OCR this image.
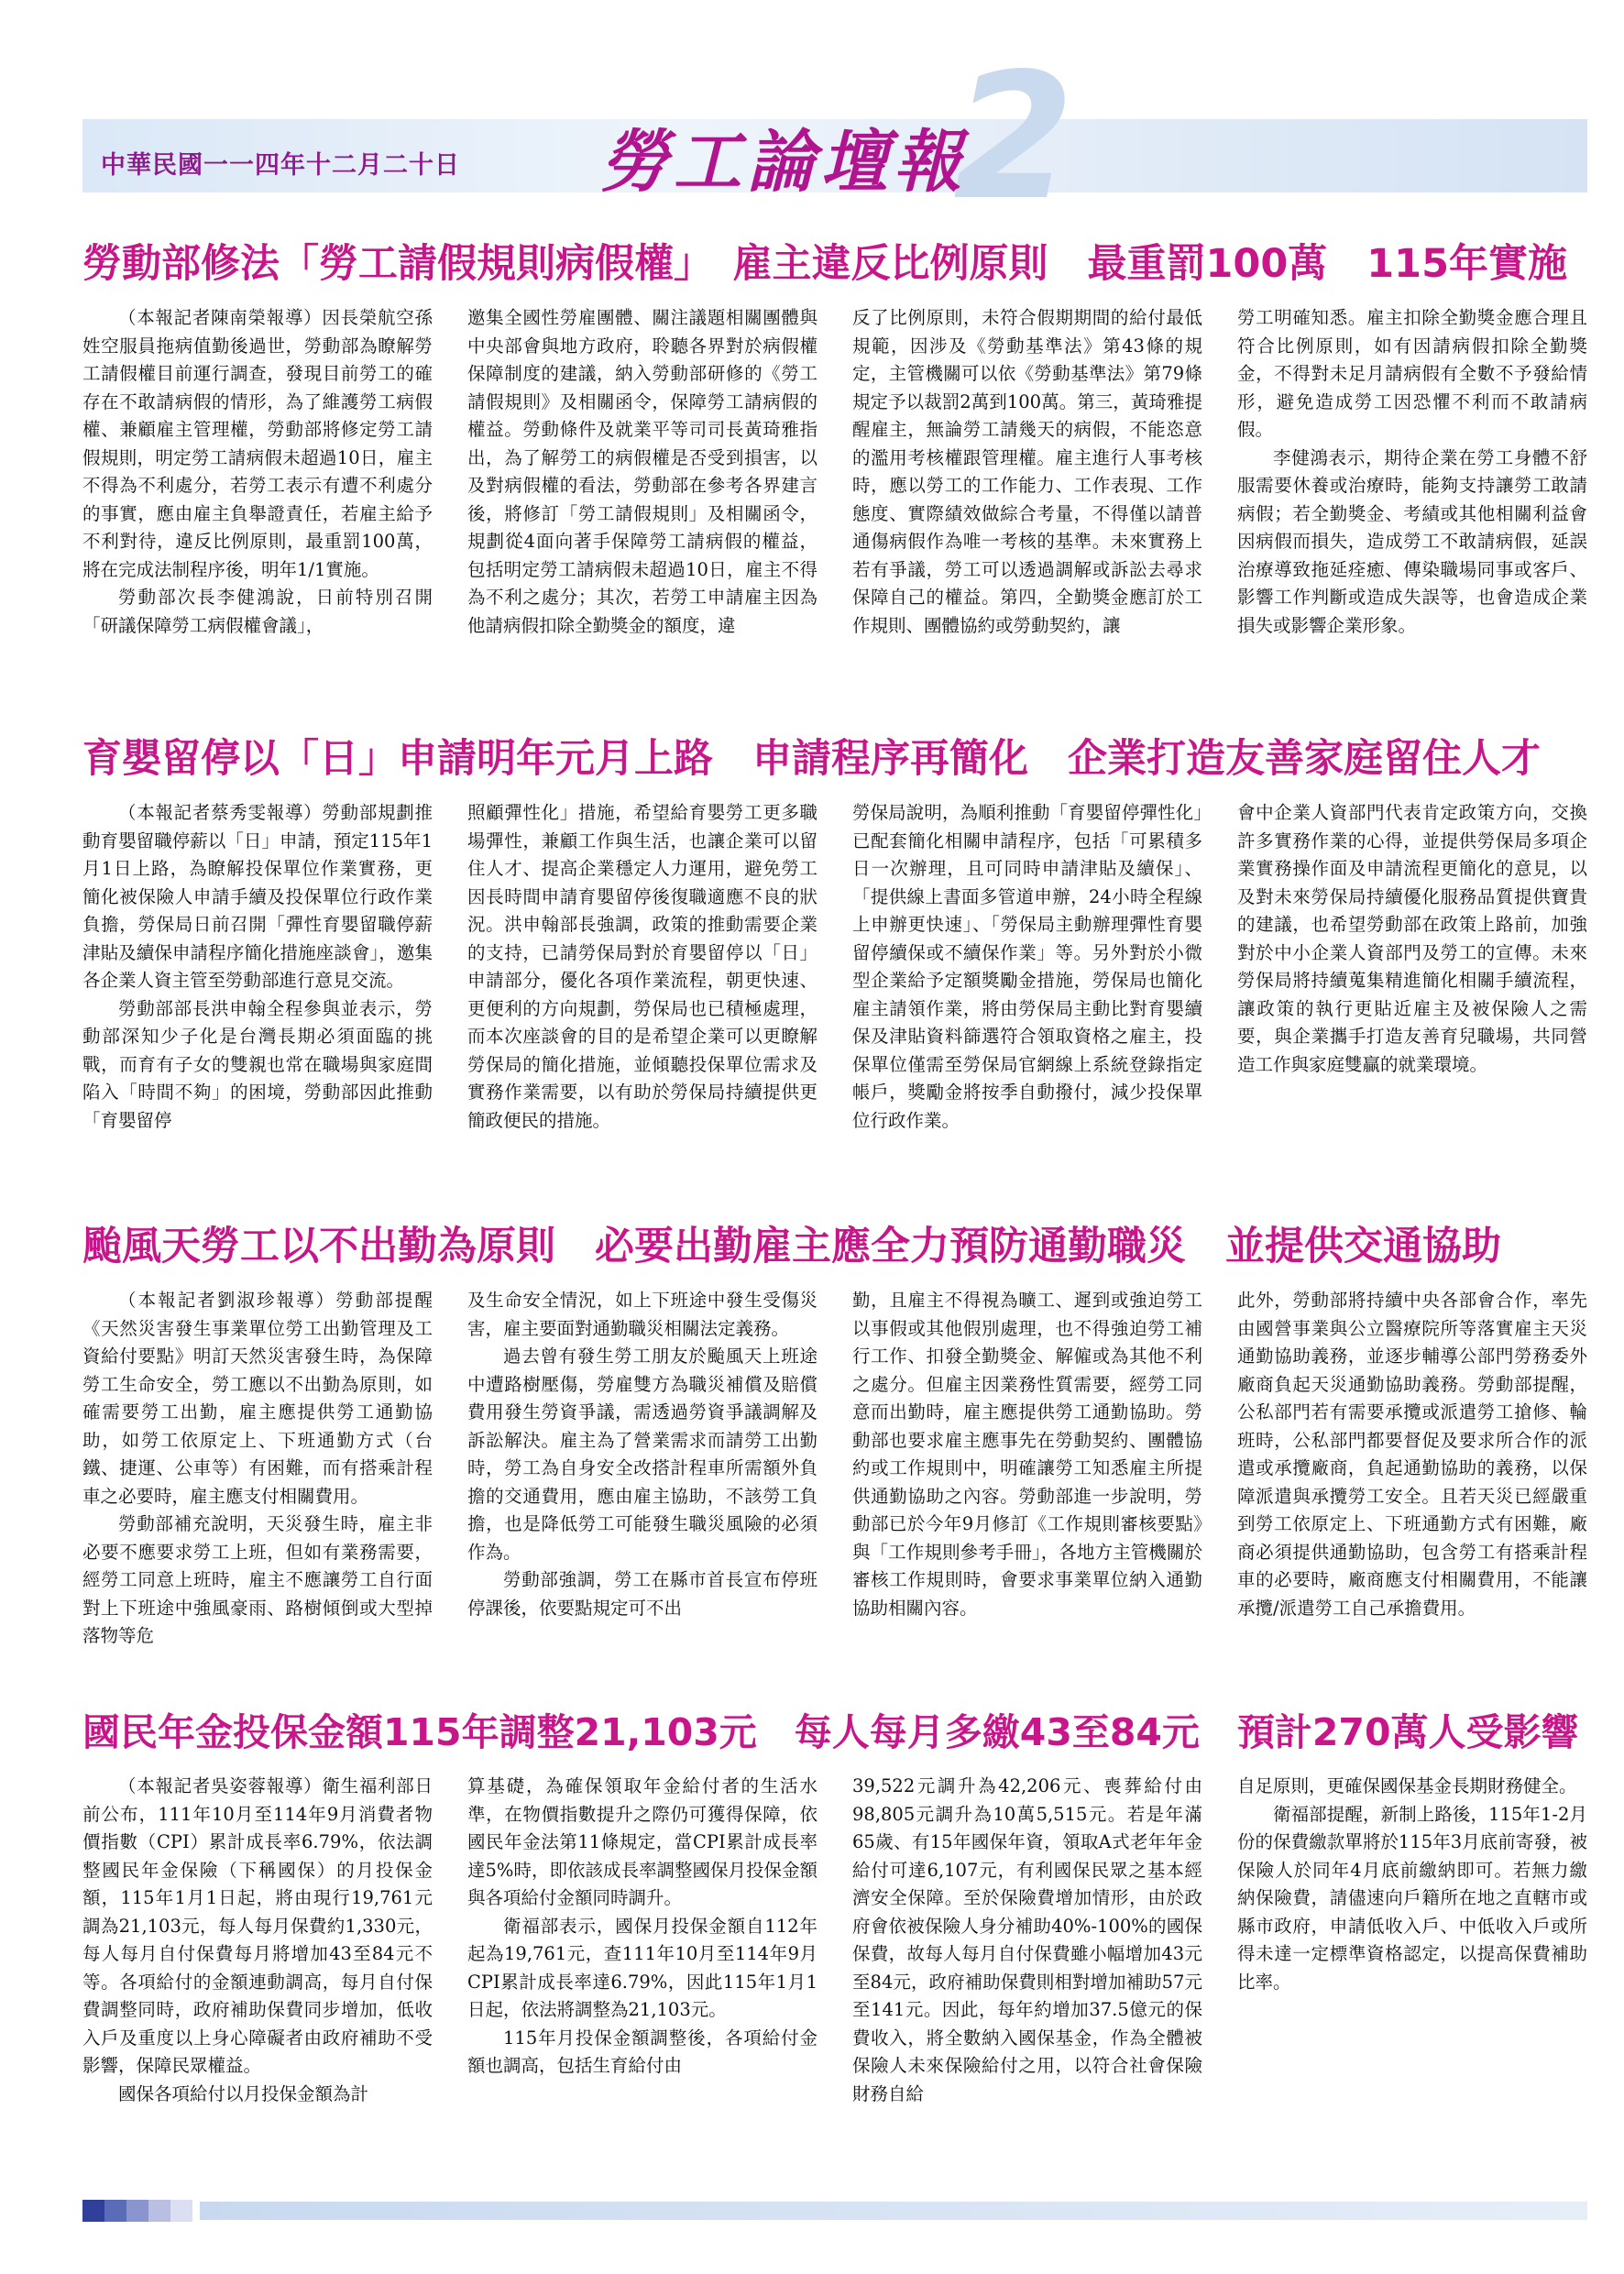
2
中華民國一一四年十二月二十日 勞工論壇報
勞動部修法「勞工請假規則病假權」　雇主違反比例原則　最重罰100萬　115年實施

（本報記者陳南榮報導）因長榮航空孫姓空服員拖病值勤後過世，勞動部為瞭解勞工請假權目前運行調查，發現目前勞工的確存在不敢請病假的情形，為了維護勞工病假權、兼顧雇主管理權，勞動部將修定勞工請假規則，明定勞工請病假未超過10日，雇主不得為不利處分，若勞工表示有遭不利處分的事實，應由雇主負舉證責任，若雇主給予不利對待，違反比例原則，最重罰100萬，將在完成法制程序後，明年1/1實施。

勞動部次長李健鴻說，日前特別召開「研議保障勞工病假權會議」，

邀集全國性勞雇團體、關注議題相關團體與中央部會與地方政府，聆聽各界對於病假權保障制度的建議，納入勞動部研修的《勞工請假規則》及相關函令，保障勞工請病假的權益。勞動條件及就業平等司司長黃琦雅指出，為了解勞工的病假權是否受到損害，以及對病假權的看法，勞動部在參考各界建言後，將修訂「勞工請假規則」及相關函令，規劃從4面向著手保障勞工請病假的權益，包括明定勞工請病假未超過10日，雇主不得為不利之處分；其次，若勞工申請雇主因為他請病假扣除全勤獎金的額度，違

反了比例原則，未符合假期期間的給付最低規範，因涉及《勞動基準法》第43條的規定，主管機關可以依《勞動基準法》第79條規定予以裁罰2萬到100萬。第三，黃琦雅提醒雇主，無論勞工請幾天的病假，不能恣意的濫用考核權跟管理權。雇主進行人事考核時，應以勞工的工作能力、工作表現、工作態度、實際績效做綜合考量，不得僅以請普通傷病假作為唯一考核的基準。未來實務上若有爭議，勞工可以透過調解或訴訟去尋求保障自己的權益。第四，全勤獎金應訂於工作規則、團體協約或勞動契約，讓

勞工明確知悉。雇主扣除全勤獎金應合理且符合比例原則，如有因請病假扣除全勤獎金，不得對未足月請病假有全數不予發給情形，避免造成勞工因恐懼不利而不敢請病假。

李健鴻表示，期待企業在勞工身體不舒服需要休養或治療時，能夠支持讓勞工敢請病假；若全勤獎金、考績或其他相關利益會因病假而損失，造成勞工不敢請病假，延誤治療導致拖延痊癒、傳染職場同事或客戶、影響工作判斷或造成失誤等，也會造成企業損失或影響企業形象。

育嬰留停以「日」申請明年元月上路　申請程序再簡化　企業打造友善家庭留住人才

（本報記者蔡秀雯報導）勞動部規劃推動育嬰留職停薪以「日」申請，預定115年1月1日上路，為瞭解投保單位作業實務，更簡化被保險人申請手續及投保單位行政作業負擔，勞保局日前召開「彈性育嬰留職停薪津貼及續保申請程序簡化措施座談會」，邀集各企業人資主管至勞動部進行意見交流。

勞動部部長洪申翰全程參與並表示，勞動部深知少子化是台灣長期必須面臨的挑戰，而育有子女的雙親也常在職場與家庭間陷入「時間不夠」的困境，勞動部因此推動「育嬰留停

照顧彈性化」措施，希望給育嬰勞工更多職場彈性，兼顧工作與生活，也讓企業可以留住人才、提高企業穩定人力運用，避免勞工因長時間申請育嬰留停後復職適應不良的狀況。洪申翰部長強調，政策的推動需要企業的支持，已請勞保局對於育嬰留停以「日」申請部分，優化各項作業流程，朝更快速、更便利的方向規劃，勞保局也已積極處理，而本次座談會的目的是希望企業可以更瞭解勞保局的簡化措施，並傾聽投保單位需求及實務作業需要，以有助於勞保局持續提供更簡政便民的措施。

勞保局說明，為順利推動「育嬰留停彈性化」已配套簡化相關申請程序，包括「可累積多日一次辦理，且可同時申請津貼及續保」、「提供線上書面多管道申辦，24小時全程線上申辦更快速」、「勞保局主動辦理彈性育嬰留停續保或不續保作業」等。另外對於小微型企業給予定額獎勵金措施，勞保局也簡化雇主請領作業，將由勞保局主動比對育嬰續保及津貼資料篩選符合領取資格之雇主，投保單位僅需至勞保局官網線上系統登錄指定帳戶，獎勵金將按季自動撥付，減少投保單位行政作業。

會中企業人資部門代表肯定政策方向，交換許多實務作業的心得，並提供勞保局多項企業實務操作面及申請流程更簡化的意見，以及對未來勞保局持續優化服務品質提供寶貴的建議，也希望勞動部在政策上路前，加強對於中小企業人資部門及勞工的宣傳。未來勞保局將持續蒐集精進簡化相關手續流程，讓政策的執行更貼近雇主及被保險人之需要，與企業攜手打造友善育兒職場，共同營造工作與家庭雙贏的就業環境。

颱風天勞工以不出勤為原則　必要出勤雇主應全力預防通勤職災　並提供交通協助

（本報記者劉淑珍報導）勞動部提醒《天然災害發生事業單位勞工出勤管理及工資給付要點》明訂天然災害發生時，為保障勞工生命安全，勞工應以不出勤為原則，如確需要勞工出勤，雇主應提供勞工通勤協助，如勞工依原定上、下班通勤方式（台鐵、捷運、公車等）有困難，而有搭乘計程車之必要時，雇主應支付相關費用。

勞動部補充說明，天災發生時，雇主非必要不應要求勞工上班，但如有業務需要，經勞工同意上班時，雇主不應讓勞工自行面對上下班途中強風豪雨、路樹傾倒或大型掉落物等危

及生命安全情況，如上下班途中發生受傷災害，雇主要面對通勤職災相關法定義務。

過去曾有發生勞工朋友於颱風天上班途中遭路樹壓傷，勞雇雙方為職災補償及賠償費用發生勞資爭議，需透過勞資爭議調解及訴訟解決。雇主為了營業需求而請勞工出勤時，勞工為自身安全改搭計程車所需額外負擔的交通費用，應由雇主協助，不該勞工負擔，也是降低勞工可能發生職災風險的必須作為。

勞動部強調，勞工在縣市首長宣布停班停課後，依要點規定可不出

勤，且雇主不得視為曠工、遲到或強迫勞工以事假或其他假別處理，也不得強迫勞工補行工作、扣發全勤獎金、解僱或為其他不利之處分。但雇主因業務性質需要，經勞工同意而出勤時，雇主應提供勞工通勤協助。勞動部也要求雇主應事先在勞動契約、團體協約或工作規則中，明確讓勞工知悉雇主所提供通勤協助之內容。勞動部進一步說明，勞動部已於今年9月修訂《工作規則審核要點》與「工作規則參考手冊」，各地方主管機關於審核工作規則時，會要求事業單位納入通勤協助相關內容。

此外，勞動部將持續中央各部會合作，率先由國營事業與公立醫療院所等落實雇主天災通勤協助義務，並逐步輔導公部門勞務委外廠商負起天災通勤協助義務。勞動部提醒，公私部門若有需要承攬或派遣勞工搶修、輪班時，公私部門都要督促及要求所合作的派遣或承攬廠商，負起通勤協助的義務，以保障派遣與承攬勞工安全。且若天災已經嚴重到勞工依原定上、下班通勤方式有困難，廠商必須提供通勤協助，包含勞工有搭乘計程車的必要時，廠商應支付相關費用，不能讓承攬/派遣勞工自己承擔費用。

國民年金投保金額115年調整21,103元　每人每月多繳43至84元　預計270萬人受影響

（本報記者吳姿蓉報導）衛生福利部日前公布，111年10月至114年9月消費者物價指數（CPI）累計成長率6.79%，依法調整國民年金保險（下稱國保）的月投保金額，115年1月1日起，將由現行19,761元調為21,103元，每人每月保費約1,330元，每人每月自付保費每月將增加43至84元不等。各項給付的金額連動調高，每月自付保費調整同時，政府補助保費同步增加，低收入戶及重度以上身心障礙者由政府補助不受影響，保障民眾權益。

國保各項給付以月投保金額為計

算基礎，為確保領取年金給付者的生活水準，在物價指數提升之際仍可獲得保障，依國民年金法第11條規定，當CPI累計成長率達5%時，即依該成長率調整國保月投保金額與各項給付金額同時調升。

衛福部表示，國保月投保金額自112年起為19,761元，查111年10月至114年9月CPI累計成長率達6.79%，因此115年1月1日起，依法將調整為21,103元。

115年月投保金額調整後，各項給付金額也調高，包括生育給付由

39,522元調升為42,206元、喪葬給付由98,805元調升為10萬5,515元。若是年滿65歲、有15年國保年資，領取A式老年年金給付可達6,107元，有利國保民眾之基本經濟安全保障。至於保險費增加情形，由於政府會依被保險人身分補助40%-100%的國保保費，故每人每月自付保費雖小幅增加43元至84元，政府補助保費則相對增加補助57元至141元。因此，每年約增加37.5億元的保費收入，將全數納入國保基金，作為全體被保險人未來保險給付之用，以符合社會保險財務自給

自足原則，更確保國保基金長期財務健全。

衛福部提醒，新制上路後，115年1-2月份的保費繳款單將於115年3月底前寄發，被保險人於同年4月底前繳納即可。若無力繳納保險費，請儘速向戶籍所在地之直轄市或縣市政府，申請低收入戶、中低收入戶或所得未達一定標準資格認定，以提高保費補助比率。
